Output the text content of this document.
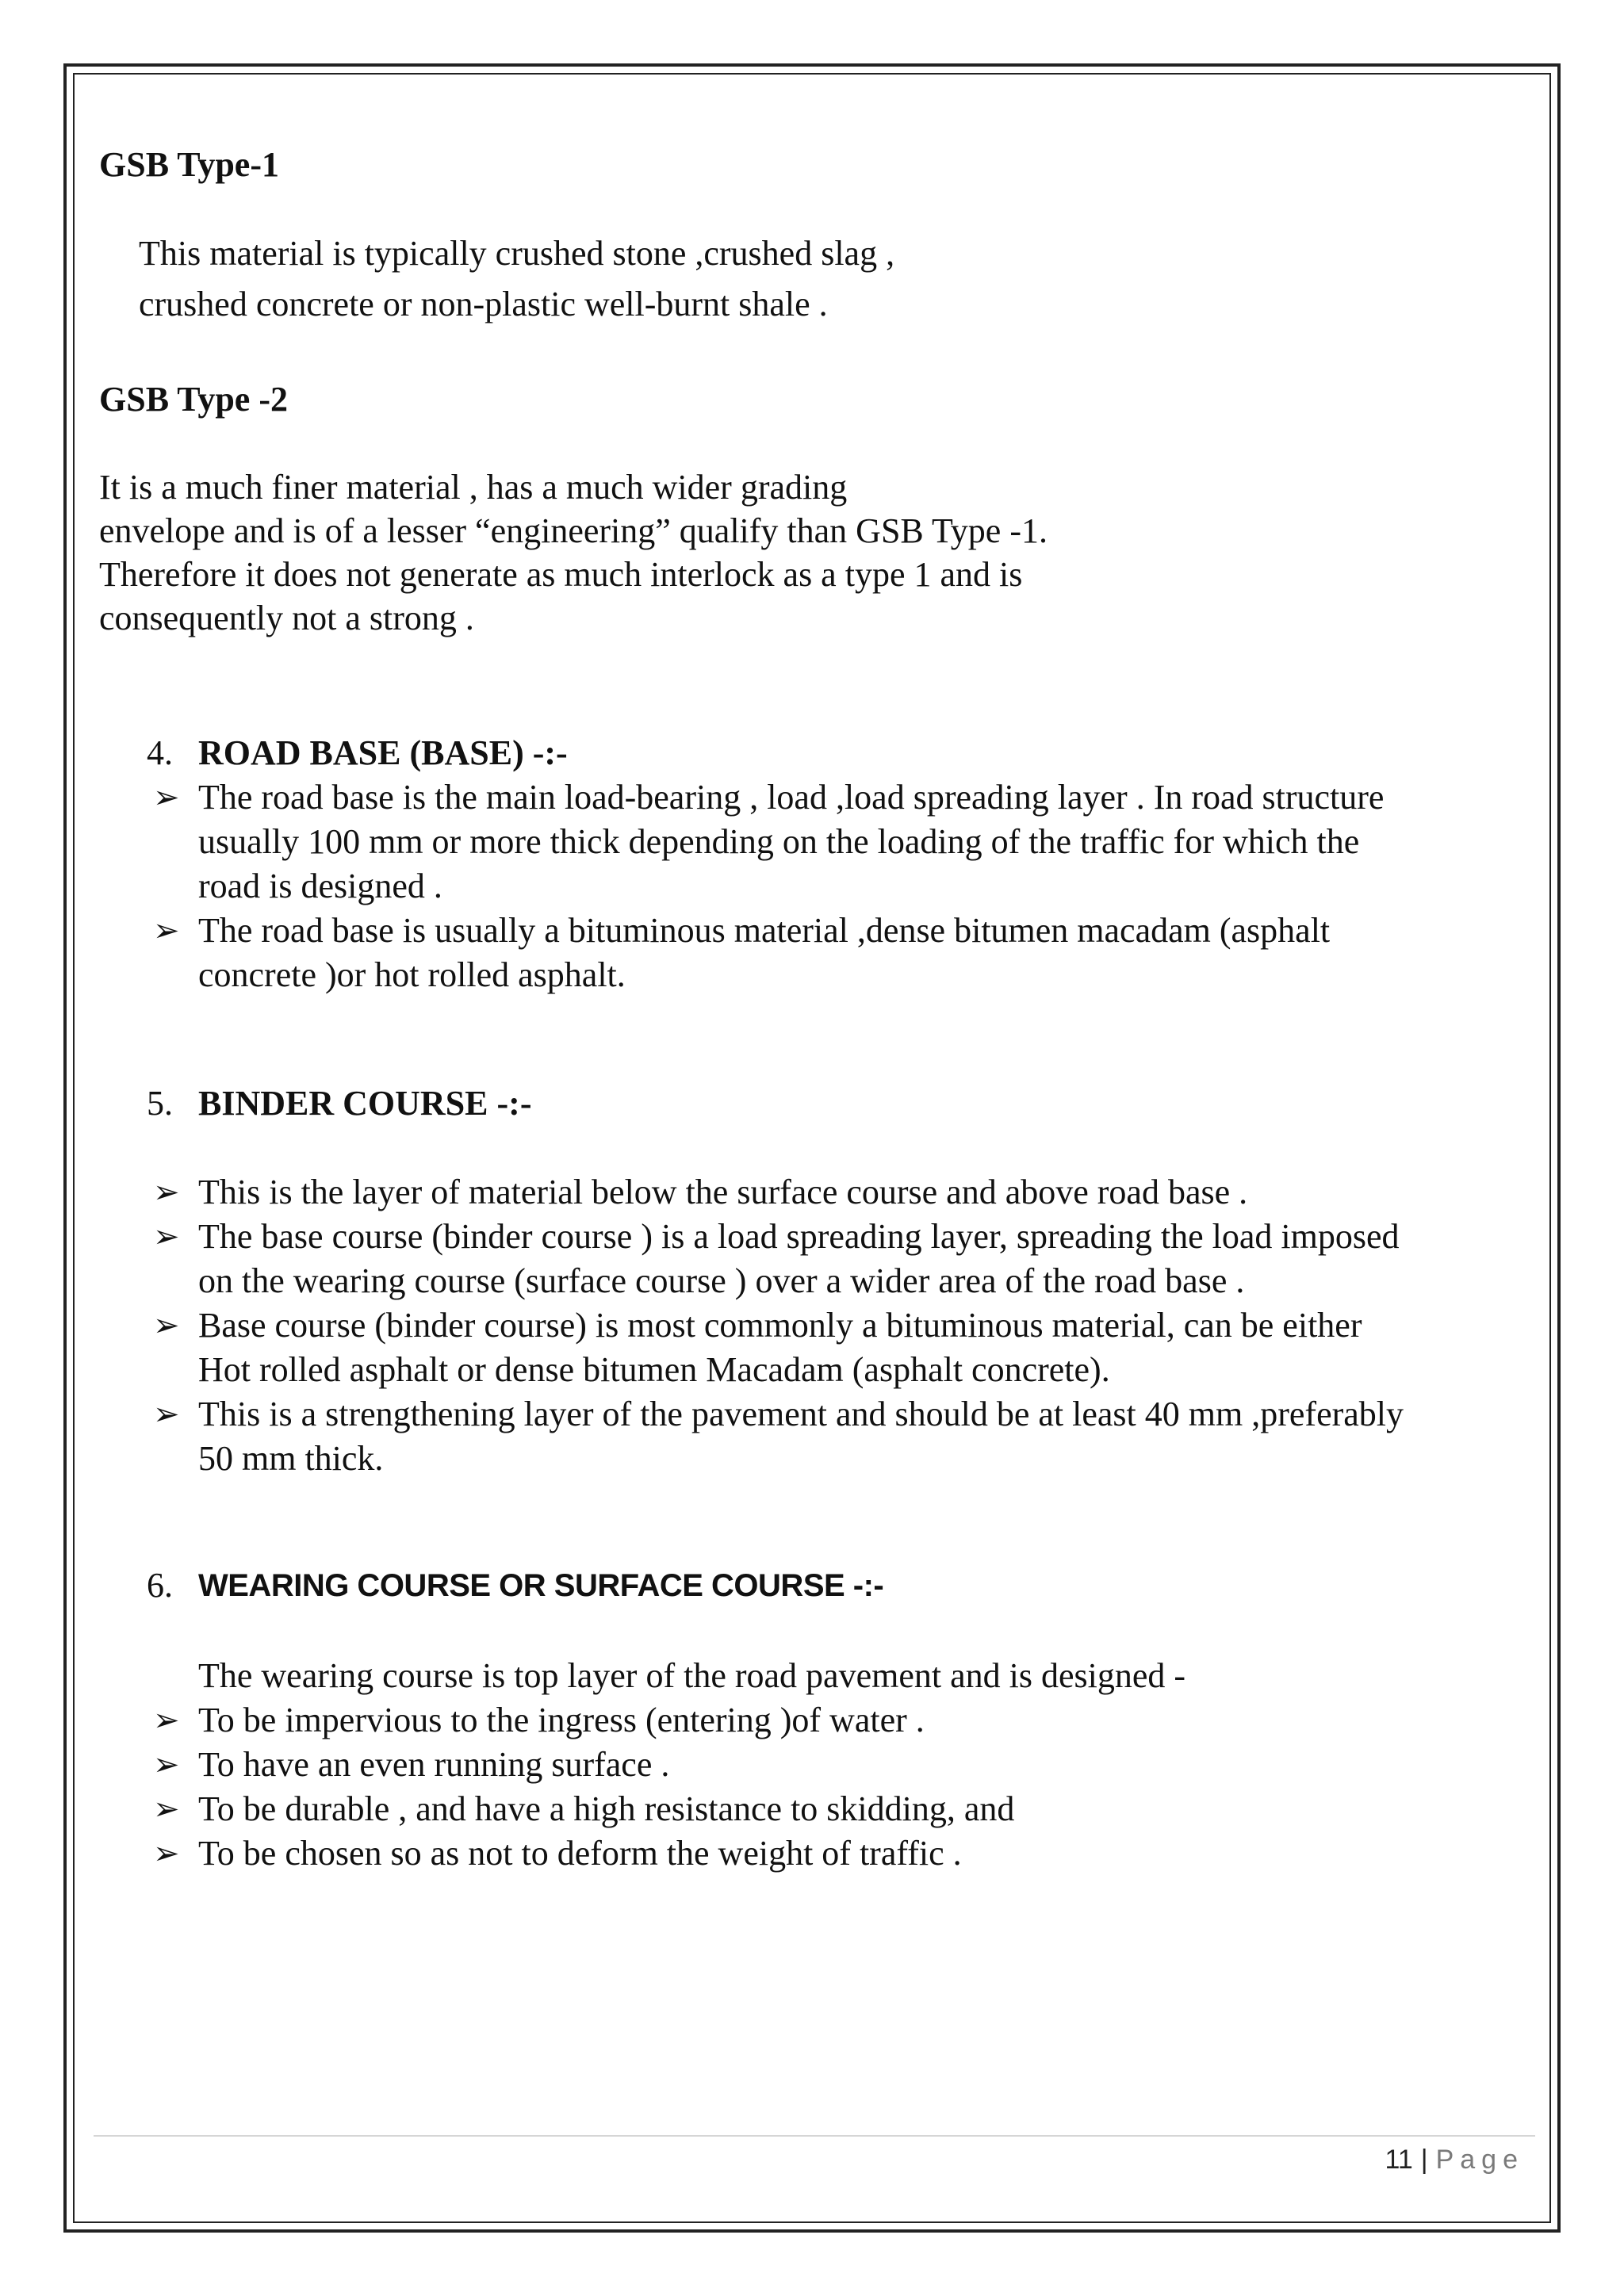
GSB Type-1
This material is typically crushed stone ,crushed slag ,
crushed concrete or non-plastic well-burnt shale .
GSB Type -2
It is a much finer material , has a much wider grading
envelope and is of a lesser “engineering” qualify than GSB Type -1.
Therefore it does not generate as much interlock as a type 1 and is
consequently not a strong .
4. ROAD BASE (BASE) -:-
➢ The road base is the main load-bearing , load ,load spreading layer . In road structure
usually 100 mm or more thick depending on the loading of the traffic for which the
road is designed .
➢ The road base is usually a bituminous material ,dense bitumen macadam (asphalt
concrete )or hot rolled asphalt.
5. BINDER COURSE -:-
➢ This is the layer of material below the surface course and above road base .
➢ The base course (binder course ) is a load spreading layer, spreading the load imposed
on the wearing course (surface course ) over a wider area of the road base .
➢ Base course (binder course) is most commonly a bituminous material, can be either
Hot rolled asphalt or dense bitumen Macadam (asphalt concrete).
➢ This is a strengthening layer of the pavement and should be at least 40 mm ,preferably
50 mm thick.
6. WEARING COURSE OR SURFACE COURSE -:-
The wearing course is top layer of the road pavement and is designed -
➢ To be impervious to the ingress (entering )of water .
➢ To have an even running surface .
➢ To be durable , and have a high resistance to skidding, and
➢ To be chosen so as not to deform the weight of traffic .
11 | Page
